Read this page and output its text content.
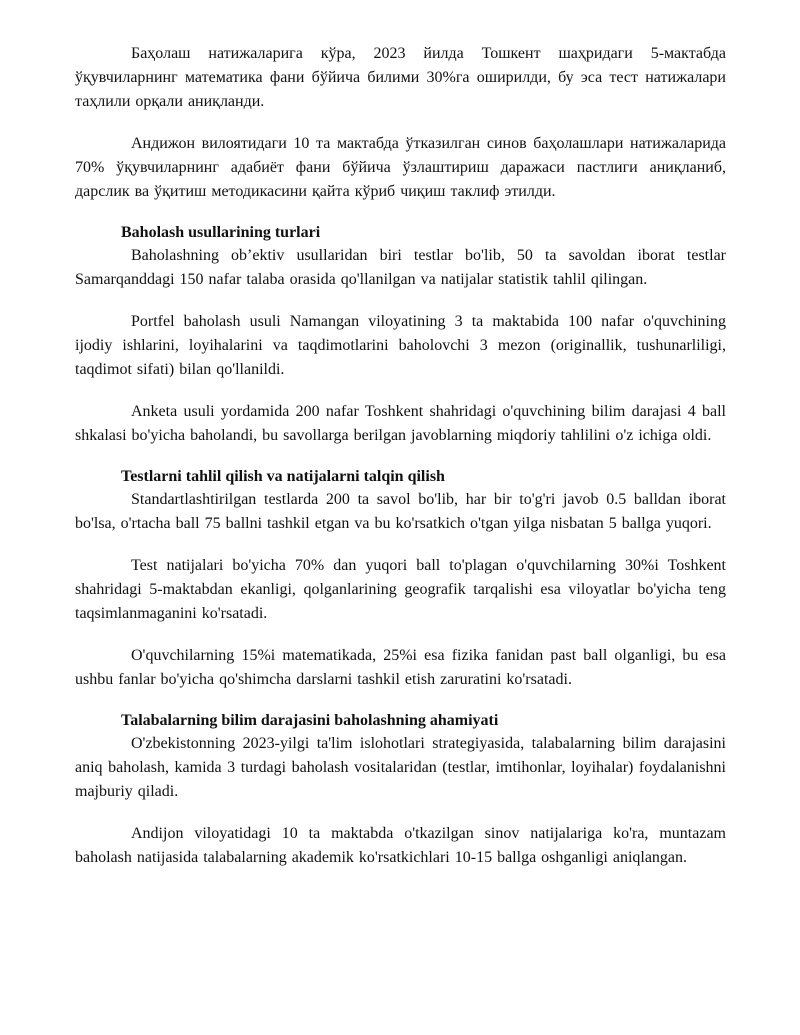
Баҳолаш натижаларига кўра, 2023 йилда Тошкент шаҳридаги 5-мактабда ўқувчиларнинг математика фани бўйича билими 30%га оширилди, бу эса тест натижалари таҳлили орқали аниқланди.

Андижон вилоятидаги 10 та мактабда ўтказилган синов баҳолашлари натижаларида 70% ўқувчиларнинг адабиёт фани бўйича ўзлаштириш даражаси пастлиги аниқланиб, дарслик ва ўқитиш методикасини қайта кўриб чиқиш таклиф этилди.

Baholash usullarining turlari

Baholashning ob’ektiv usullaridan biri testlar bo'lib, 50 ta savoldan iborat testlar Samarqanddagi 150 nafar talaba orasida qo'llanilgan va natijalar statistik tahlil qilingan.

Portfel baholash usuli Namangan viloyatining 3 ta maktabida 100 nafar o'quvchining ijodiy ishlarini, loyihalarini va taqdimotlarini baholovchi 3 mezon (originallik, tushunarliligi, taqdimot sifati) bilan qo'llanildi.

Anketa usuli yordamida 200 nafar Toshkent shahridagi o'quvchining bilim darajasi 4 ball shkalasi bo'yicha baholandi, bu savollarga berilgan javoblarning miqdoriy tahlilini o'z ichiga oldi.

Testlarni tahlil qilish va natijalarni talqin qilish

Standartlashtirilgan testlarda 200 ta savol bo'lib, har bir to'g'ri javob 0.5 balldan iborat bo'lsa, o'rtacha ball 75 ballni tashkil etgan va bu ko'rsatkich o'tgan yilga nisbatan 5 ballga yuqori.

Test natijalari bo'yicha 70% dan yuqori ball to'plagan o'quvchilarning 30%i Toshkent shahridagi 5-maktabdan ekanligi, qolganlarining geografik tarqalishi esa viloyatlar bo'yicha teng taqsimlanmaganini ko'rsatadi.

O'quvchilarning 15%i matematikada, 25%i esa fizika fanidan past ball olganligi, bu esa ushbu fanlar bo'yicha qo'shimcha darslarni tashkil etish zaruratini ko'rsatadi.

Talabalarning bilim darajasini baholashning ahamiyati

O'zbekistonning 2023-yilgi ta'lim islohotlari strategiyasida, talabalarning bilim darajasini aniq baholash, kamida 3 turdagi baholash vositalaridan (testlar, imtihonlar, loyihalar) foydalanishni majburiy qiladi.

Andijon viloyatidagi 10 ta maktabda o'tkazilgan sinov natijalariga ko'ra, muntazam baholash natijasida talabalarning akademik ko'rsatkichlari 10-15 ballga oshganligi aniqlangan.
